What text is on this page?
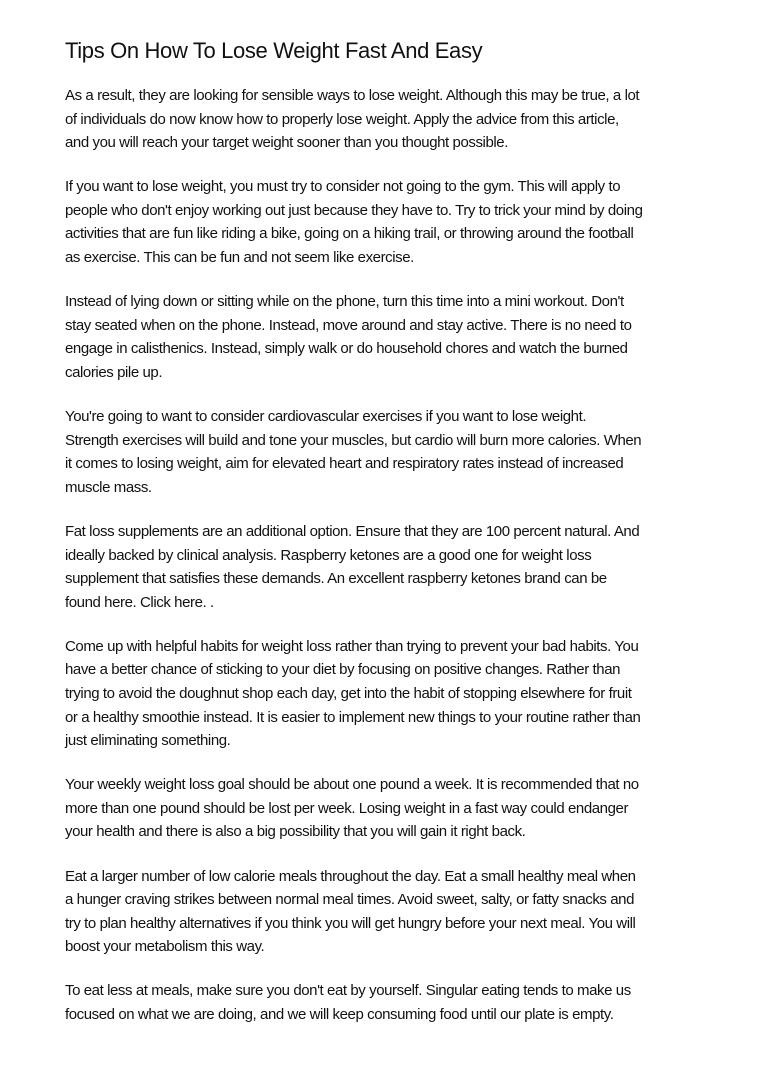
Tips On How To Lose Weight Fast And Easy

As a result, they are looking for sensible ways to lose weight. Although this may be true, a lot
of individuals do now know how to properly lose weight. Apply the advice from this article,
and you will reach your target weight sooner than you thought possible.

If you want to lose weight, you must try to consider not going to the gym. This will apply to
people who don't enjoy working out just because they have to. Try to trick your mind by doing
activities that are fun like riding a bike, going on a hiking trail, or throwing around the football
as exercise. This can be fun and not seem like exercise.

Instead of lying down or sitting while on the phone, turn this time into a mini workout. Don't
stay seated when on the phone. Instead, move around and stay active. There is no need to
engage in calisthenics. Instead, simply walk or do household chores and watch the burned
calories pile up.

You're going to want to consider cardiovascular exercises if you want to lose weight.
Strength exercises will build and tone your muscles, but cardio will burn more calories. When
it comes to losing weight, aim for elevated heart and respiratory rates instead of increased
muscle mass.

Fat loss supplements are an additional option. Ensure that they are 100 percent natural. And
ideally backed by clinical analysis. Raspberry ketones are a good one for weight loss
supplement that satisfies these demands. An excellent raspberry ketones brand can be
found here. Click here. .

Come up with helpful habits for weight loss rather than trying to prevent your bad habits. You
have a better chance of sticking to your diet by focusing on positive changes. Rather than
trying to avoid the doughnut shop each day, get into the habit of stopping elsewhere for fruit
or a healthy smoothie instead. It is easier to implement new things to your routine rather than
just eliminating something.

Your weekly weight loss goal should be about one pound a week. It is recommended that no
more than one pound should be lost per week. Losing weight in a fast way could endanger
your health and there is also a big possibility that you will gain it right back.

Eat a larger number of low calorie meals throughout the day. Eat a small healthy meal when
a hunger craving strikes between normal meal times. Avoid sweet, salty, or fatty snacks and
try to plan healthy alternatives if you think you will get hungry before your next meal. You will
boost your metabolism this way.

To eat less at meals, make sure you don't eat by yourself. Singular eating tends to make us
focused on what we are doing, and we will keep consuming food until our plate is empty.
